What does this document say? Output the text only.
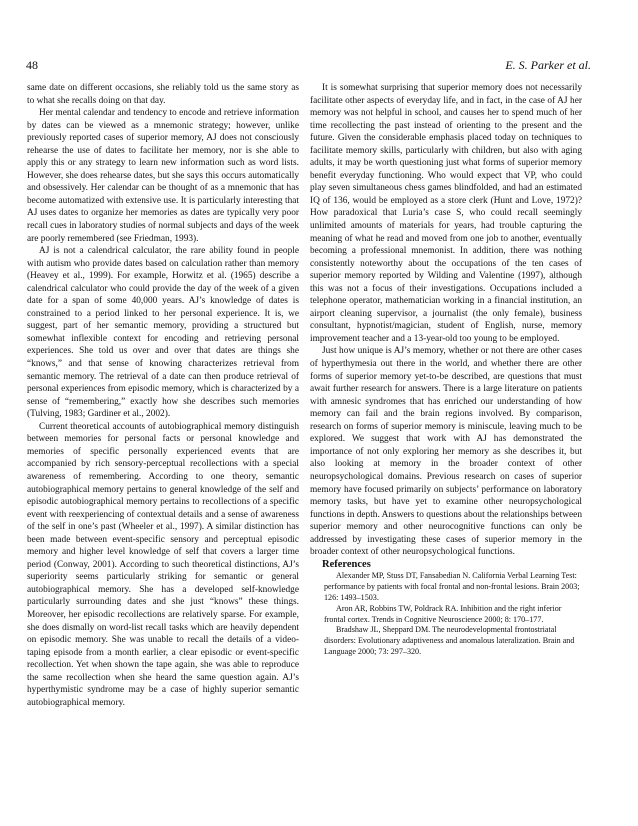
48	E. S. Parker et al.

same date on different occasions, she reliably told us the same story as to what she recalls doing on that day.

Her mental calendar and tendency to encode and retrieve information by dates can be viewed as a mnemonic strategy; however, unlike previously reported cases of superior memory, AJ does not consciously rehearse the use of dates to facilitate her memory, nor is she able to apply this or any strategy to learn new information such as word lists. However, she does rehearse dates, but she says this occurs automatically and obsessively. Her calendar can be thought of as a mnemonic that has become automatized with extensive use. It is particularly interesting that AJ uses dates to organize her memories as dates are typically very poor recall cues in laboratory studies of normal subjects and days of the week are poorly remembered (see Friedman, 1993).

AJ is not a calendrical calculator, the rare ability found in people with autism who provide dates based on calculation rather than memory (Heavey et al., 1999). For example, Horwitz et al. (1965) describe a calendrical calculator who could provide the day of the week of a given date for a span of some 40,000 years. AJ’s knowledge of dates is constrained to a period linked to her personal experience. It is, we suggest, part of her semantic memory, providing a structured but somewhat inflexible context for encoding and retrieving personal experiences. She told us over and over that dates are things she “knows,” and that sense of knowing characterizes retrieval from semantic memory. The retrieval of a date can then produce retrieval of personal experiences from episodic memory, which is characterized by a sense of “remembering,” exactly how she describes such memories (Tulving, 1983; Gardiner et al., 2002).

Current theoretical accounts of autobiographical memory distinguish between memories for personal facts or personal knowledge and memories of specific personally experienced events that are accompanied by rich sensory-perceptual recollections with a special awareness of remembering. According to one theory, semantic autobiographical memory pertains to general knowledge of the self and episodic autobiographical memory pertains to recollections of a specific event with reexperiencing of contextual details and a sense of awareness of the self in one’s past (Wheeler et al., 1997). A similar distinction has been made between event-specific sensory and perceptual episodic memory and higher level knowledge of self that covers a larger time period (Conway, 2001). According to such theoretical distinctions, AJ’s superiority seems particularly striking for semantic or general autobiographical memory. She has a developed self-knowledge particularly surrounding dates and she just “knows” these things. Moreover, her episodic recollections are relatively sparse. For example, she does dismally on word-list recall tasks which are heavily dependent on episodic memory. She was unable to recall the details of a video-taping episode from a month earlier, a clear episodic or event-specific recollection. Yet when shown the tape again, she was able to reproduce the same recollection when she heard the same question again. AJ’s hyperthymistic syndrome may be a case of highly superior semantic autobiographical memory.

It is somewhat surprising that superior memory does not necessarily facilitate other aspects of everyday life, and in fact, in the case of AJ her memory was not helpful in school, and causes her to spend much of her time recollecting the past instead of orienting to the present and the future. Given the considerable emphasis placed today on techniques to facilitate memory skills, particularly with children, but also with aging adults, it may be worth questioning just what forms of superior memory benefit everyday functioning. Who would expect that VP, who could play seven simultaneous chess games blindfolded, and had an estimated IQ of 136, would be employed as a store clerk (Hunt and Love, 1972)? How paradoxical that Luria’s case S, who could recall seemingly unlimited amounts of materials for years, had trouble capturing the meaning of what he read and moved from one job to another, eventually becoming a professional mnemonist. In addition, there was nothing consistently noteworthy about the occupations of the ten cases of superior memory reported by Wilding and Valentine (1997), although this was not a focus of their investigations. Occupations included a telephone operator, mathematician working in a financial institution, an airport cleaning supervisor, a journalist (the only female), business consultant, hypnotist/magician, student of English, nurse, memory improvement teacher and a 13-year-old too young to be employed.

Just how unique is AJ’s memory, whether or not there are other cases of hyperthymesia out there in the world, and whether there are other forms of superior memory yet-to-be described, are questions that must await further research for answers. There is a large literature on patients with amnesic syndromes that has enriched our understanding of how memory can fail and the brain regions involved. By comparison, research on forms of superior memory is miniscule, leaving much to be explored. We suggest that work with AJ has demonstrated the importance of not only exploring her memory as she describes it, but also looking at memory in the broader context of other neuropsychological domains. Previous research on cases of superior memory have focused primarily on subjects’ performance on laboratory memory tasks, but have yet to examine other neuropsychological functions in depth. Answers to questions about the relationships between superior memory and other neurocognitive functions can only be addressed by investigating these cases of superior memory in the broader context of other neuropsychological functions.

References

Alexander MP, Stuss DT, Fansabedian N. California Verbal Learning Test: performance by patients with focal frontal and non-frontal lesions. Brain 2003; 126: 1493–1503.

Aron AR, Robbins TW, Poldrack RA. Inhibition and the right inferior frontal cortex. Trends in Cognitive Neuroscience 2000; 8: 170–177.

Bradshaw JL, Sheppard DM. The neurodevelopmental frontostriatal disorders: Evolutionary adaptiveness and anomalous lateralization. Brain and Language 2000; 73: 297–320.
